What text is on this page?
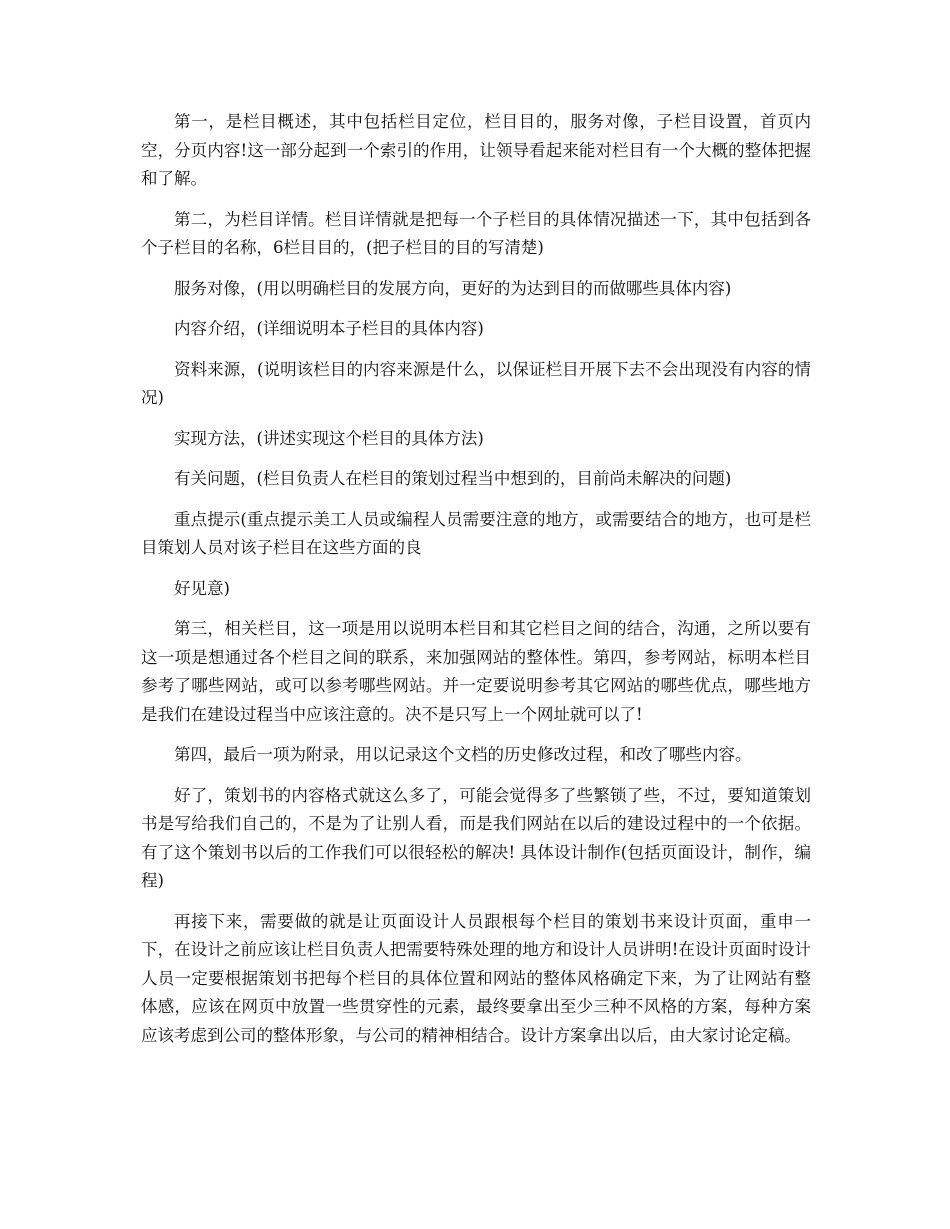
第一，是栏目概述，其中包括栏目定位，栏目目的，服务对像，子栏目设置，首页内空，分页内容!这一部分起到一个索引的作用，让领导看起来能对栏目有一个大概的整体把握和了解。

第二，为栏目详情。栏目详情就是把每一个子栏目的具体情况描述一下，其中包括到各个子栏目的名称，6栏目目的，(把子栏目的目的写清楚)

服务对像，(用以明确栏目的发展方向，更好的为达到目的而做哪些具体内容)

内容介绍，(详细说明本子栏目的具体内容)

资料来源，(说明该栏目的内容来源是什么，以保证栏目开展下去不会出现没有内容的情况)

实现方法，(讲述实现这个栏目的具体方法)

有关问题，(栏目负责人在栏目的策划过程当中想到的，目前尚未解决的问题)

重点提示(重点提示美工人员或编程人员需要注意的地方，或需要结合的地方，也可是栏目策划人员对该子栏目在这些方面的良

好见意)

第三，相关栏目，这一项是用以说明本栏目和其它栏目之间的结合，沟通，之所以要有这一项是想通过各个栏目之间的联系，来加强网站的整体性。第四，参考网站，标明本栏目参考了哪些网站，或可以参考哪些网站。并一定要说明参考其它网站的哪些优点，哪些地方是我们在建设过程当中应该注意的。决不是只写上一个网址就可以了!

第四，最后一项为附录，用以记录这个文档的历史修改过程，和改了哪些内容。

好了，策划书的内容格式就这么多了，可能会觉得多了些繁锁了些，不过，要知道策划书是写给我们自己的，不是为了让别人看，而是我们网站在以后的建设过程中的一个依据。有了这个策划书以后的工作我们可以很轻松的解决! 具体设计制作(包括页面设计，制作，编程)

再接下来，需要做的就是让页面设计人员跟根每个栏目的策划书来设计页面，重申一下，在设计之前应该让栏目负责人把需要特殊处理的地方和设计人员讲明!在设计页面时设计人员一定要根据策划书把每个栏目的具体位置和网站的整体风格确定下来，为了让网站有整体感，应该在网页中放置一些贯穿性的元素，最终要拿出至少三种不风格的方案，每种方案应该考虑到公司的整体形象，与公司的精神相结合。设计方案拿出以后，由大家讨论定稿。
